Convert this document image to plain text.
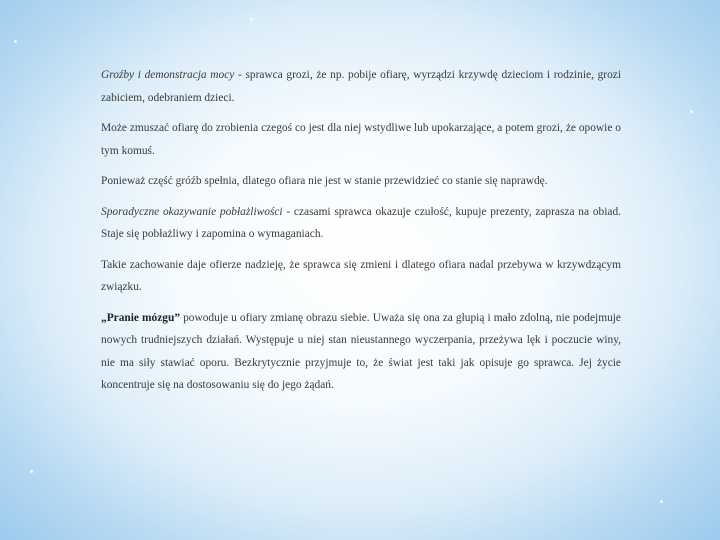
Groźby i demonstracja mocy - sprawca grozi, że np. pobije ofiarę, wyrządzi krzywdę dzieciom i rodzinie, grozi zabiciem, odebraniem dzieci.

Może zmuszać ofiarę do zrobienia czegoś co jest dla niej wstydliwe lub upokarzające, a potem grozi, że opowie o tym komuś.

Ponieważ część gróźb spełnia, dlatego ofiara nie jest w stanie przewidzieć co stanie się naprawdę.

Sporadyczne okazywanie pobłażliwości - czasami sprawca okazuje czułość, kupuje prezenty, zaprasza na obiad. Staje się pobłażliwy i zapomina o wymaganiach.

Takie zachowanie daje ofierze nadzieję, że sprawca się zmieni i dlatego ofiara nadal przebywa w krzywdzącym związku.

„Pranie mózgu” powoduje u ofiary zmianę obrazu siebie. Uważa się ona za głupią i mało zdolną, nie podejmuje nowych trudniejszych działań. Występuje u niej stan nieustannego wyczerpania, przeżywa lęk i poczucie winy, nie ma siły stawiać oporu. Bezkrytycznie przyjmuje to, że świat jest taki jak opisuje go sprawca. Jej życie koncentruje się na dostosowaniu się do jego żądań.
